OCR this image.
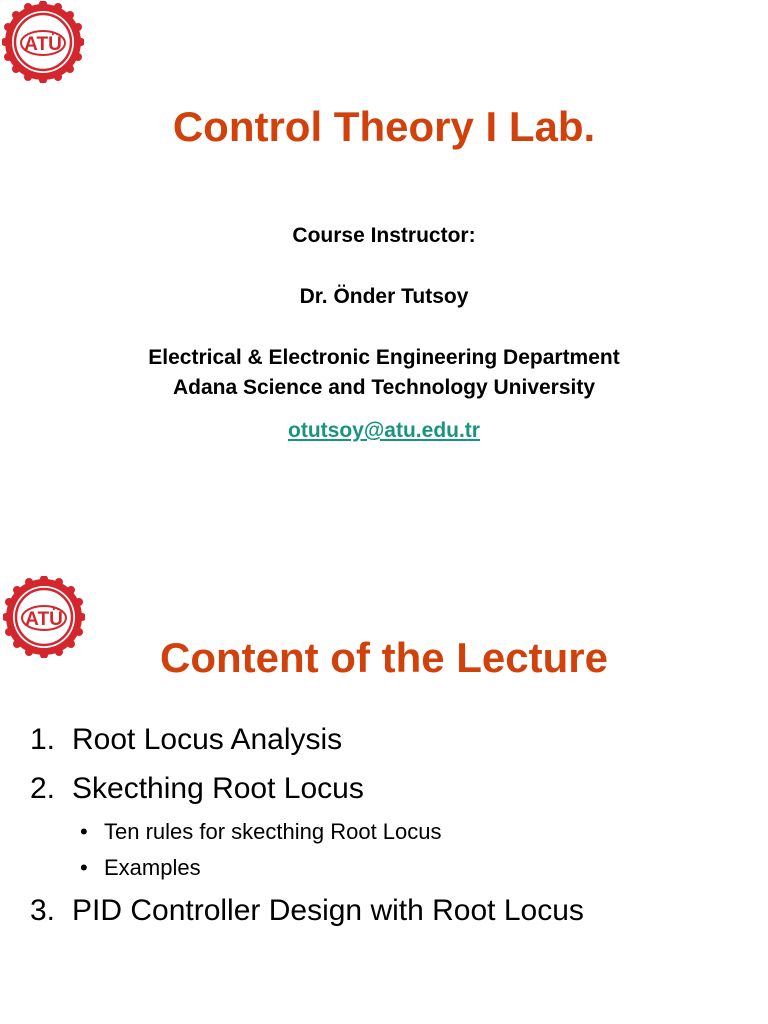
ATÜ
Control Theory I Lab.

Course Instructor:

Dr. Önder Tutsoy

Electrical & Electronic Engineering Department

Adana Science and Technology University

otutsoy@atu.edu.tr
ATÜ
Content of the Lecture
1. Root Locus Analysis
2. Skecthing Root Locus
• Ten rules for skecthing Root Locus
• Examples
3. PID Controller Design with Root Locus
